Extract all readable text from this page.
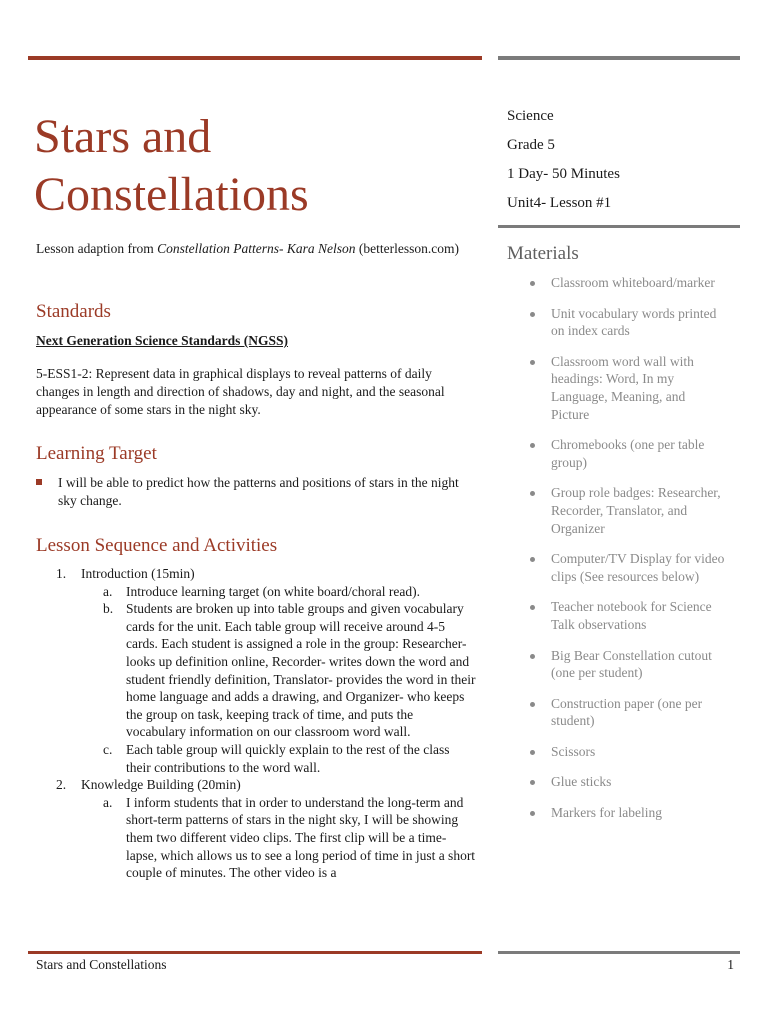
Stars and
Constellations

Lesson adaption from Constellation Patterns- Kara Nelson (betterlesson.com)

Standards

Next Generation Science Standards (NGSS)

5-ESS1-2: Represent data in graphical displays to reveal patterns of daily changes in length and direction of shadows, day and night, and the seasonal appearance of some stars in the night sky.

Learning Target
I will be able to predict how the patterns and positions of stars in the night sky change.
Lesson Sequence and Activities
1. Introduction (15min)
a. Introduce learning target (on white board/choral read).
b. Students are broken up into table groups and given vocabulary cards for the unit. Each table group will receive around 4-5 cards. Each student is assigned a role in the group: Researcher- looks up definition online, Recorder- writes down the word and student friendly definition, Translator- provides the word in their home language and adds a drawing, and Organizer- who keeps the group on task, keeping track of time, and puts the vocabulary information on our classroom word wall.
c. Each table group will quickly explain to the rest of the class their contributions to the word wall.
2. Knowledge Building (20min)
a. I inform students that in order to understand the long-term and short-term patterns of stars in the night sky, I will be showing them two different video clips. The first clip will be a time-lapse, which allows us to see a long period of time in just a short couple of minutes. The other video is a
Science
Grade 5
1 Day- 50 Minutes
Unit4- Lesson #1
Materials
Classroom whiteboard/marker
Unit vocabulary words printed on index cards
Classroom word wall with headings: Word, In my Language, Meaning, and Picture
Chromebooks (one per table group)
Group role badges: Researcher, Recorder, Translator, and Organizer
Computer/TV Display for video clips (See resources below)
Teacher notebook for Science Talk observations
Big Bear Constellation cutout (one per student)
Construction paper (one per student)
Scissors
Glue sticks
Markers for labeling
Stars and Constellations	1
